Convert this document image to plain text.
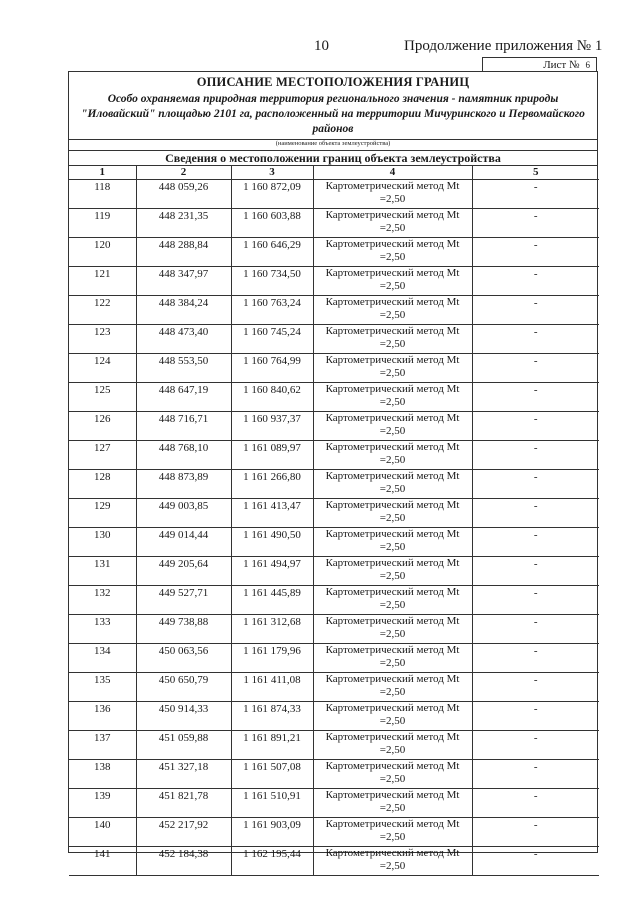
10	Продолжение приложения № 1
Лист № 6
ОПИСАНИЕ МЕСТОПОЛОЖЕНИЯ ГРАНИЦ
Особо охраняемая природная территория регионального значения - памятник природы "Иловайский" площадью 2101 га, расположенный на территории Мичуринского и Первомайского районов
(наименование объекта землеустройства)
Сведения о местоположении границ объекта землеустройства
1	2	3	4	5
118	448 059,26	1 160 872,09	Картометрический метод Mt =2,50	-
119	448 231,35	1 160 603,88	Картометрический метод Mt =2,50	-
120	448 288,84	1 160 646,29	Картометрический метод Mt =2,50	-
121	448 347,97	1 160 734,50	Картометрический метод Mt =2,50	-
122	448 384,24	1 160 763,24	Картометрический метод Mt =2,50	-
123	448 473,40	1 160 745,24	Картометрический метод Mt =2,50	-
124	448 553,50	1 160 764,99	Картометрический метод Mt =2,50	-
125	448 647,19	1 160 840,62	Картометрический метод Mt =2,50	-
126	448 716,71	1 160 937,37	Картометрический метод Mt =2,50	-
127	448 768,10	1 161 089,97	Картометрический метод Mt =2,50	-
128	448 873,89	1 161 266,80	Картометрический метод Mt =2,50	-
129	449 003,85	1 161 413,47	Картометрический метод Mt =2,50	-
130	449 014,44	1 161 490,50	Картометрический метод Mt =2,50	-
131	449 205,64	1 161 494,97	Картометрический метод Mt =2,50	-
132	449 527,71	1 161 445,89	Картометрический метод Mt =2,50	-
133	449 738,88	1 161 312,68	Картометрический метод Mt =2,50	-
134	450 063,56	1 161 179,96	Картометрический метод Mt =2,50	-
135	450 650,79	1 161 411,08	Картометрический метод Mt =2,50	-
136	450 914,33	1 161 874,33	Картометрический метод Mt =2,50	-
137	451 059,88	1 161 891,21	Картометрический метод Mt =2,50	-
138	451 327,18	1 161 507,08	Картометрический метод Mt =2,50	-
139	451 821,78	1 161 510,91	Картометрический метод Mt =2,50	-
140	452 217,92	1 161 903,09	Картометрический метод Mt =2,50	-
141	452 184,38	1 162 195,44	Картометрический метод Mt =2,50	-
